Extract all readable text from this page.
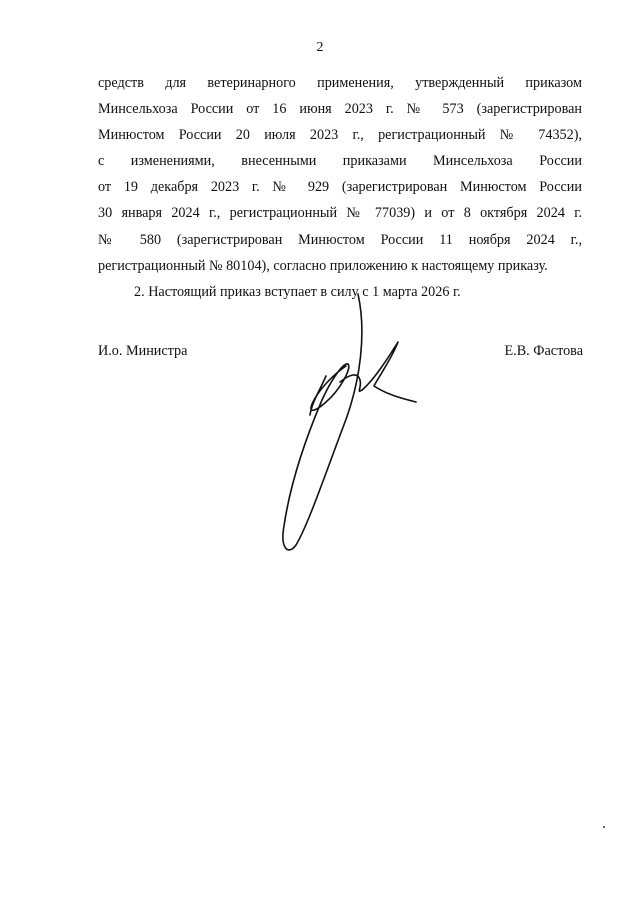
2
средств для ветеринарного применения, утвержденный приказом
Минсельхоза России от 16 июня 2023 г. № 573 (зарегистрирован
Минюстом России 20 июля 2023 г., регистрационный № 74352),
с изменениями, внесенными приказами Минсельхоза России
от 19 декабря 2023 г. № 929 (зарегистрирован Минюстом России
30 января 2024 г., регистрационный № 77039) и от 8 октября 2024 г.
№ 580 (зарегистрирован Минюстом России 11 ноября 2024 г.,
регистрационный № 80104), согласно приложению к настоящему приказу.
2. Настоящий приказ вступает в силу с 1 марта 2026 г.
И.о. Министра	Е.В. Фастова
